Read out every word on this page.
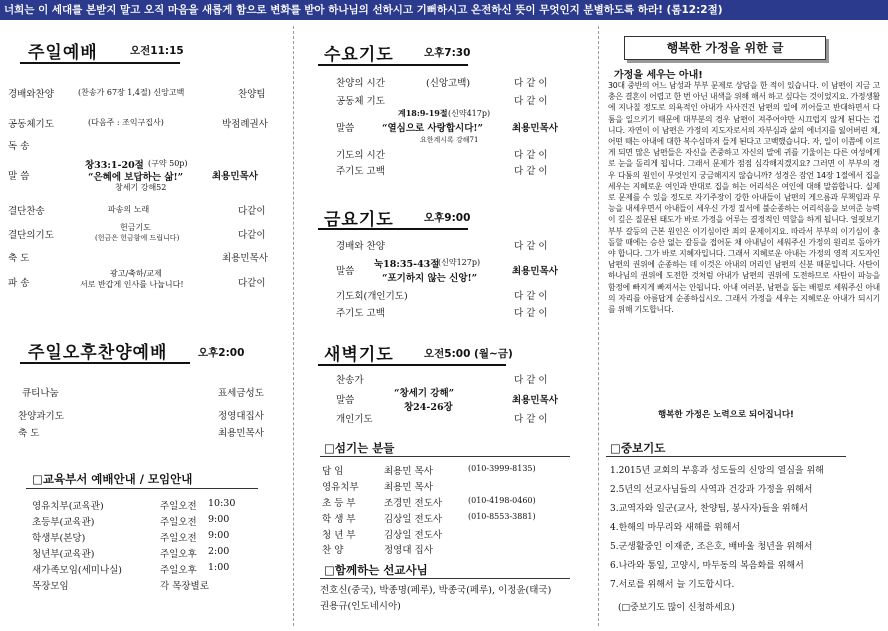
너희는 이 세대를 본받지 말고 오직 마음을 새롭게 함으로 변화를 받아 하나님의 선하시고 기뻐하시고 온전하신 뜻이 무엇인지 분별하도록 하라! (롬12:2절)
주일예배	오전11:15
경배와찬양	(찬송가 67장 1,4절) 신앙고백	찬양팀
공동체기도	(다음주 : 조익구집사)	박점례권사
독 송
창33:1-20절 (구약 50p)
말 씀	“은혜에 보답하는 삶!”	최용민목사
창세기 강해52
결단찬송	파송의 노래	다같이
헌금기도
결단의기도	다같이
(헌금은 헌금함에 드립니다)
축 도	최용민목사
광고/축하/교제
파 송	다같이
서로 반갑게 인사를 나눕니다!
주일오후찬양예배	오후2:00
큐티나눔	표세금성도
찬양과기도	정영대집사
축 도	최용민목사
□교육부서 예배안내 / 모임안내
영유치부(교육관)	주일오전 10:30
초등부(교육관)	주일오전 9:00
학생부(본당)	주일오전 9:00
청년부(교육관)	주일오후 2:00
새가족모임(세미나실)	주일오후 1:00
목장모임	각 목장별로
수요기도	오후7:30
찬양의 시간	(신앙고백)	다 같 이
공동체 기도	다 같 이
계18:9-19절 (신약417p)
말씀	“열심으로 사랑합시다!”	최용민목사
요한계시록 강해71
기도의 시간	다 같 이
주기도 고백	다 같 이
금요기도	오후9:00
경배와 찬양	다 같 이
눅18:35-43절
(신약127p)
말씀	최용민목사
“포기하지 않는 신앙!”
기도회(개인기도)	다 같 이
주기도 고백	다 같 이
새벽기도	오전5:00 (월~금)
찬송가	다 같 이
“창세기 강해”
말씀	최용민목사
창24-26장
개인기도	다 같 이
□섬기는 분들
담 임	최용민 목사	(010-3999-8135)
영유치부	최용민 목사
초 등 부	조경민 전도사	(010-4198-0460)
학 생 부	김상일 전도사	(010-8553-3881)
청 년 부	김상일 전도사
찬 양	정영대 집사
□함께하는 선교사님
전호신(중국), 박종명(페루), 박종국(페루), 이정윤(태국)
권용규(인도네시아)
행복한 가정을 위한 글
가정을 세우는 아내!
30대 중반의 어느 남성과 부부 문제로 상담을 한 적이 있습니다. 이 남편이 지금 고충은 결혼이 어렵고 한 번 아닌 내색을 위해 해서 하고 싶다는 것이었지요. 가정생활에 지나칠 정도로 의욕적인 아내가 사사건건 남편의 일에 끼어들고 반대하면서 다툼을 일으키기 때문에 대부분의 경우 남편이 져주어야만 시끄럽지 않게 된다는 겁니다. 자연이 이 남편은 가정의 지도자로서의 자부심과 삶의 에너지를 잃어버린 채, 어떤 때는 아내에 대한 복수심마저 들게 된다고 고백했습니다. 자, 일이 이쯤에 이르게 되면 많은 남편들은 자신을 존중하고 자신의 말에 귀를 기울이는 다른 여성에게로 눈을 돌리게 됩니다. 그래서 문제가 점점 심각해지겠지요? 그러면 이 부부의 경우 다툼의 원인이 무엇인지 궁금해지지 않습니까? 성경은 잠언 14장 1절에서 집을 세우는 지혜로운 여인과 반대로 집을 허는 어리석은 여인에 대해 말씀합니다. 실제로 문제를 수 있을 정도로 자기주장이 강한 아내들이 남편의 게으름과 무책임과 무능을 내세우면서 아내들이 세우신 가정 질서에 불순종하는 어리석음을 보여준 능력이 깊은 질문된 태도가 바로 가정을 어루는 결정적인 역할을 하게 됩니다. 얼핏보기 부부 갈등의 근본 원인은 이기심이란 죄의 문제이지요. 따라서 부부의 이기심이 충돌할 때에는 승산 없는 갈등을 접어둔 채 아내님이 세워주신 가정의 원리로 돌아가야 합니다. 그가 바로 지혜자입니다. 그래서 지혜로운 아내는 가정의 영적 지도자인 남편의 권위에 순종하는 데 이것은 아내의 머리인 남편의 신분 때문입니다. 사탄이 하나님의 권위에 도전한 것처럼 아내가 남편의 권위에 도전하므로 사탄이 파능을 함정에 빠지게 빠져서는 안됩니다. 아내 여러분, 남편을 돕는 배필로 세워주신 아내의 자리를 아름답게 순종하십시오. 그래서 가정을 세우는 지혜로운 아내가 되시기를 위해 기도합니다.
행복한 가정은 노력으로 되어집니다!
□중보기도
1.2015년 교회의 부흥과 성도들의 신앙의 열심을 위해
2.5년의 선교사님들의 사역과 건강과 가정을 위해서
3.교역자와 일군(교사, 찬양팀, 봉사자)들을 위해서
4.한해의 마무리와 새해를 위해서
5.군생활중인 이재준, 조은호, 배바울 청년을 위해서
6.나라와 통일, 고양시, 마두동의 복음화를 위해서
7.서로를 위해서 늘 기도합시다.
(□중보기도 많이 신청하세요)
